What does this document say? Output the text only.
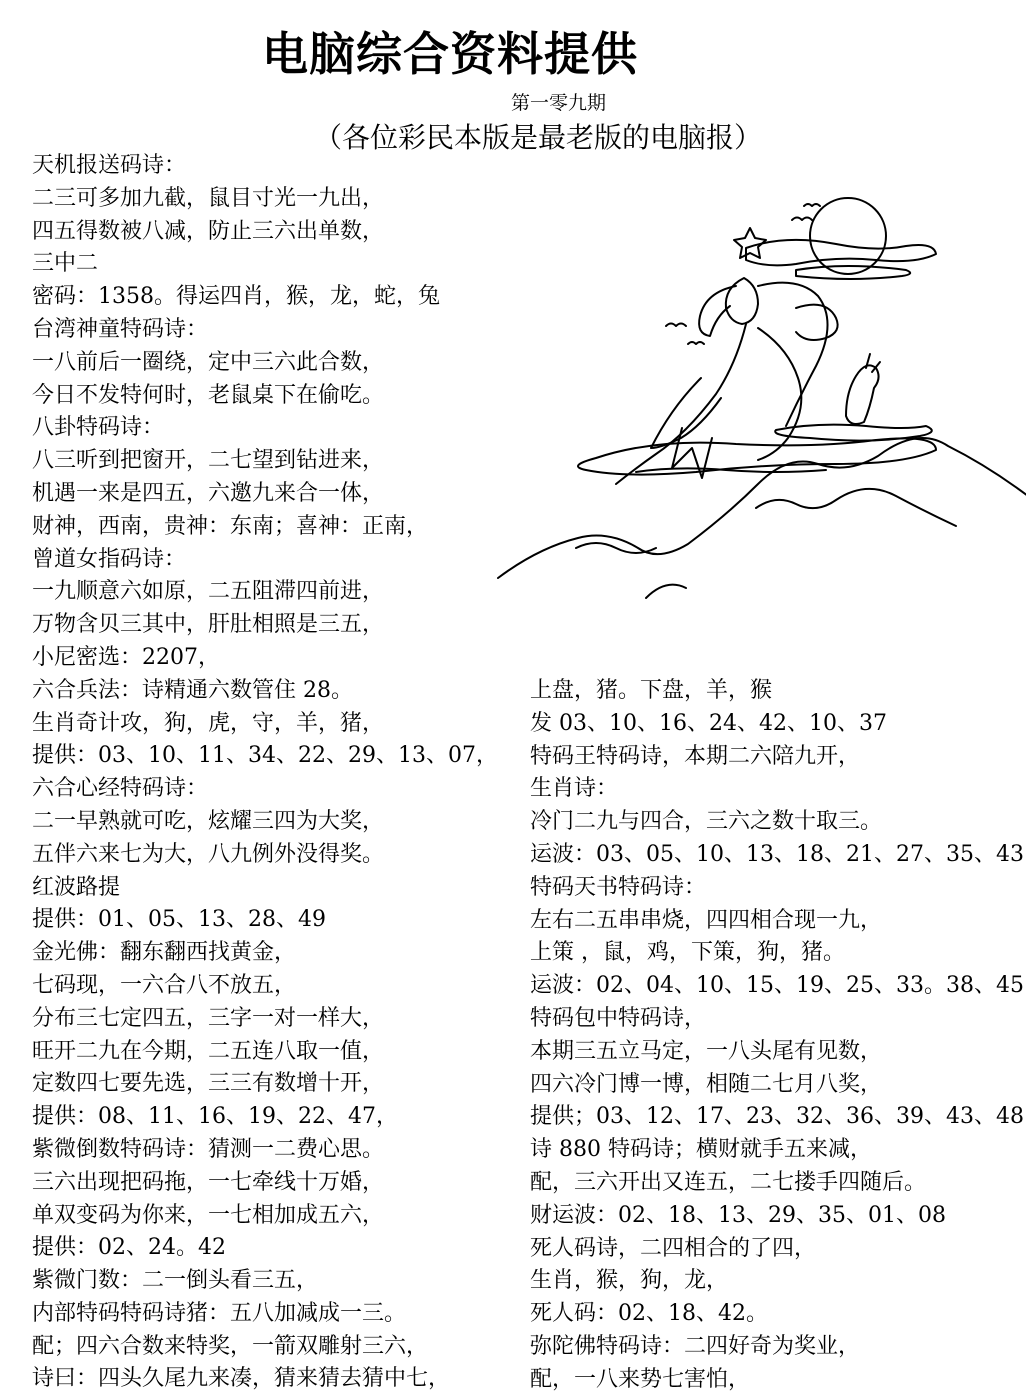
电脑综合资料提供
第一零九期
（各位彩民本版是最老版的电脑报）
天机报送码诗：
二三可多加九截，鼠目寸光一九出，
四五得数被八减，防止三六出单数，
三中二
密码：1358。得运四肖，猴，龙，蛇，兔
台湾神童特码诗：
一八前后一圈绕，定中三六此合数，
今日不发特何时，老鼠桌下在偷吃。
八卦特码诗：
八三听到把窗开，二七望到钻进来，
机遇一来是四五，六邀九来合一体，
财神，西南，贵神：东南；喜神：正南，
曾道女指码诗：
一九顺意六如原，二五阻滞四前进，
万物含贝三其中，肝肚相照是三五，
小尼密选：2207，
六合兵法：诗精通六数管住 28。
生肖奇计攻，狗，虎，守，羊，猪，
提供：03、10、11、34、22、29、13、07，
六合心经特码诗：
二一早熟就可吃，炫耀三四为大奖，
五伴六来七为大，八九例外没得奖。
红波路提
提供：01、05、13、28、49
金光佛：翻东翻西找黄金，
七码现，一六合八不放五，
分布三七定四五，三字一对一样大，
旺开二九在今期，二五连八取一值，
定数四七要先选，三三有数增十开，
提供：08、11、16、19、22、47，
紫微倒数特码诗：猜测一二费心思。
三六出现把码拖，一七牵线十万婚，
单双变码为你来，一七相加成五六，
提供：02、24。42
紫微门数：二一倒头看三五，
内部特码特码诗猪：五八加减成一三。
配；四六合数来特奖，一箭双雕射三六，
诗曰：四头久尾九来凑，猜来猜去猜中七，
上盘，猪。下盘，羊，猴
发 03、10、16、24、42、10、37
特码王特码诗，本期二六陪九开，
生肖诗：
冷门二九与四合，三六之数十取三。
运波：03、05、10、13、18、21、27、35、43
特码天书特码诗：
左右二五串串烧，四四相合现一九，
上策 ，鼠，鸡，下策，狗，猪。
运波：02、04、10、15、19、25、33。38、45
特码包中特码诗，
本期三五立马定，一八头尾有见数，
四六冷门博一博，相随二七月八奖，
提供；03、12、17、23、32、36、39、43、48
诗 880 特码诗；横财就手五来减，
配，三六开出又连五，二七搂手四随后。
财运波：02、18、13、29、35、01、08
死人码诗，二四相合的了四，
生肖，猴，狗，龙，
死人码：02、18、42。
弥陀佛特码诗：二四好奇为奖业，
配，一八来势七害怕，
